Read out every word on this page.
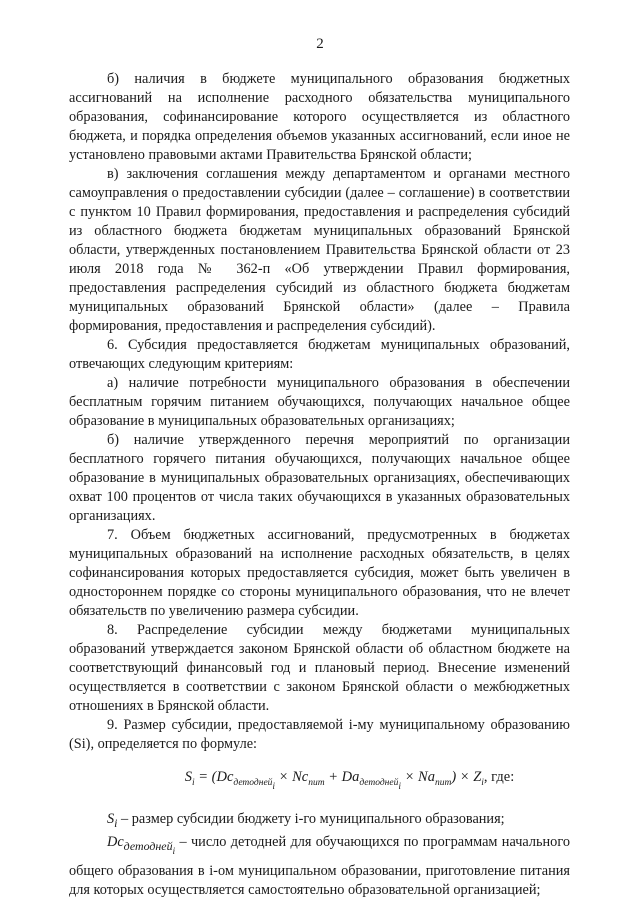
2

б) наличия в бюджете муниципального образования бюджетных ассигнований на исполнение расходного обязательства муниципального образования, софинансирование которого осуществляется из областного бюджета, и порядка определения объемов указанных ассигнований, если иное не установлено правовыми актами Правительства Брянской области;

в) заключения соглашения между департаментом и органами местного самоуправления о предоставлении субсидии (далее – соглашение) в соответствии с пунктом 10 Правил формирования, предоставления и распределения субсидий из областного бюджета бюджетам муниципальных образований Брянской области, утвержденных постановлением Правительства Брянской области от 23 июля 2018 года № 362-п «Об утверждении Правил формирования, предоставления распределения субсидий из областного бюджета бюджетам муниципальных образований Брянской области» (далее – Правила формирования, предоставления и распределения субсидий).

6. Субсидия предоставляется бюджетам муниципальных образований, отвечающих следующим критериям:

а) наличие потребности муниципального образования в обеспечении бесплатным горячим питанием обучающихся, получающих начальное общее образование в муниципальных образовательных организациях;

б) наличие утвержденного перечня мероприятий по организации бесплатного горячего питания обучающихся, получающих начальное общее образование в муниципальных образовательных организациях, обеспечивающих охват 100 процентов от числа таких обучающихся в указанных образовательных организациях.

7. Объем бюджетных ассигнований, предусмотренных в бюджетах муниципальных образований на исполнение расходных обязательств, в целях софинансирования которых предоставляется субсидия, может быть увеличен в одностороннем порядке со стороны муниципального образования, что не влечет обязательств по увеличению размера субсидии.

8. Распределение субсидии между бюджетами муниципальных образований утверждается законом Брянской области об областном бюджете на соответствующий финансовый год и плановый период. Внесение изменений осуществляется в соответствии с законом Брянской области о межбюджетных отношениях в Брянской области.

9. Размер субсидии, предоставляемой i-му муниципальному образованию (Si), определяется по формуле:

$S_i = (Dc_{детодней_i} \times Nc_{пит} + Da_{детодней_i} \times Na_{пит}) \times Z_i$, где:

$S_i$ – размер субсидии бюджету i-го муниципального образования;

$Dc_{детодней_i}$ – число детодней для обучающихся по программам начального общего образования в i-ом муниципальном образовании, приготовление питания для которых осуществляется самостоятельно образовательной организацией;
